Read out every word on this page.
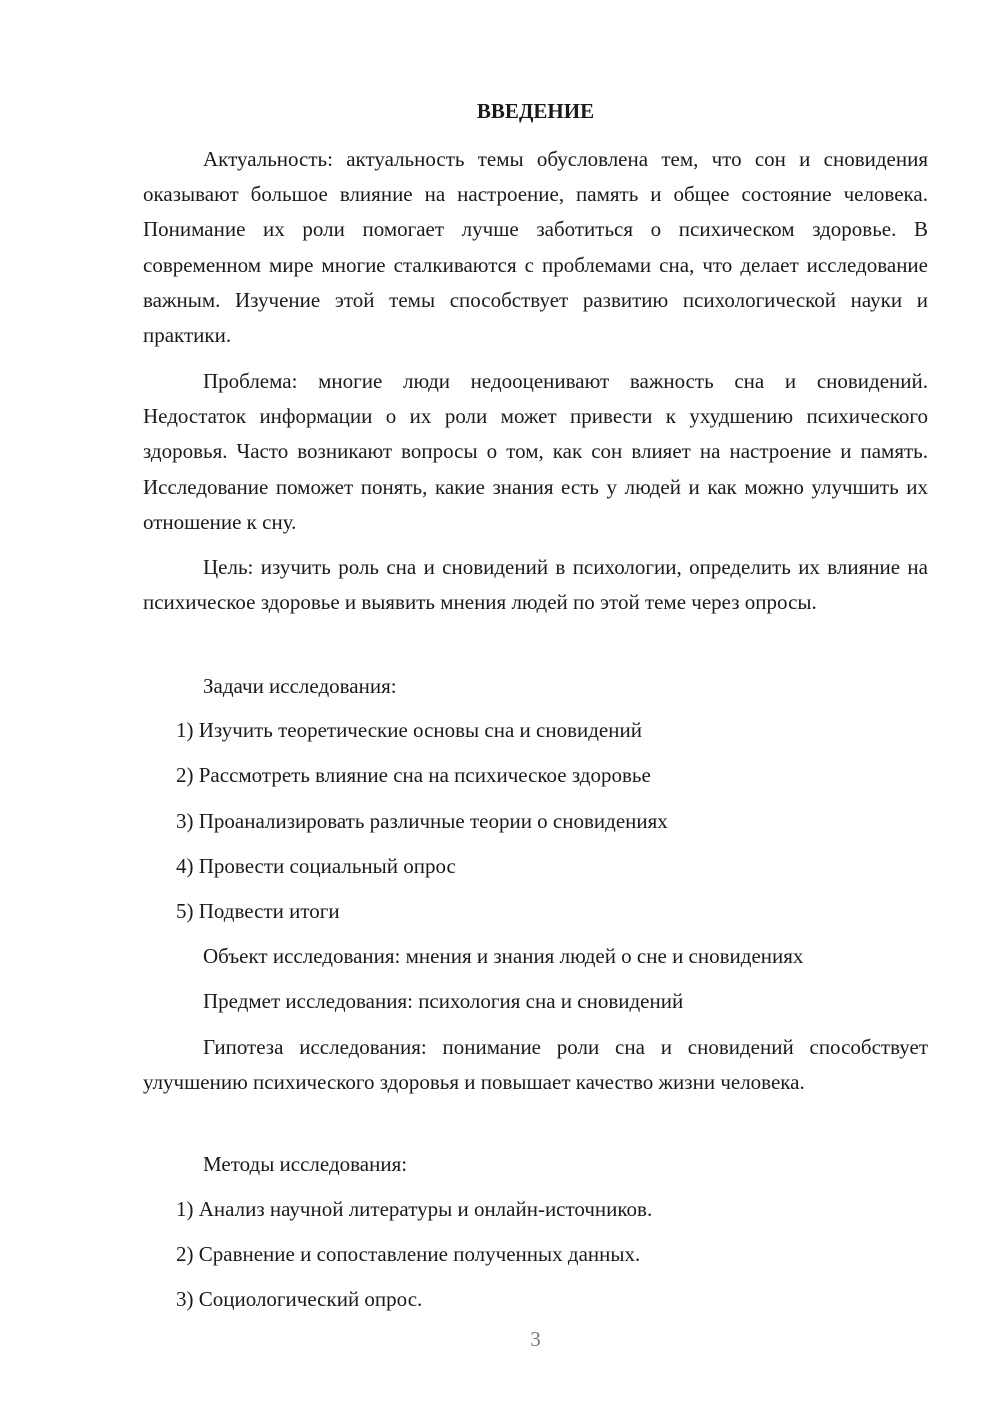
ВВЕДЕНИЕ

Актуальность: актуальность темы обусловлена тем, что сон и сновидения оказывают большое влияние на настроение, память и общее состояние человека. Понимание их роли помогает лучше заботиться о психическом здоровье. В современном мире многие сталкиваются с проблемами сна, что делает исследование важным. Изучение этой темы способствует развитию психологической науки и практики.

Проблема: многие люди недооценивают важность сна и сновидений. Недостаток информации о их роли может привести к ухудшению психического здоровья. Часто возникают вопросы о том, как сон влияет на настроение и память. Исследование поможет понять, какие знания есть у людей и как можно улучшить их отношение к сну.

Цель: изучить роль сна и сновидений в психологии, определить их влияние на психическое здоровье и выявить мнения людей по этой теме через опросы.

Задачи исследования:
1) Изучить теоретические основы сна и сновидений
2) Рассмотреть влияние сна на психическое здоровье
3) Проанализировать различные теории о сновидениях
4) Провести социальный опрос
5) Подвести итоги
Объект исследования: мнения и знания людей о сне и сновидениях
Предмет исследования: психология сна и сновидений

Гипотеза исследования: понимание роли сна и сновидений способствует улучшению психического здоровья и повышает качество жизни человека.

Методы исследования:
1) Анализ научной литературы и онлайн-источников.
2) Сравнение и сопоставление полученных данных.
3) Социологический опрос.
3
